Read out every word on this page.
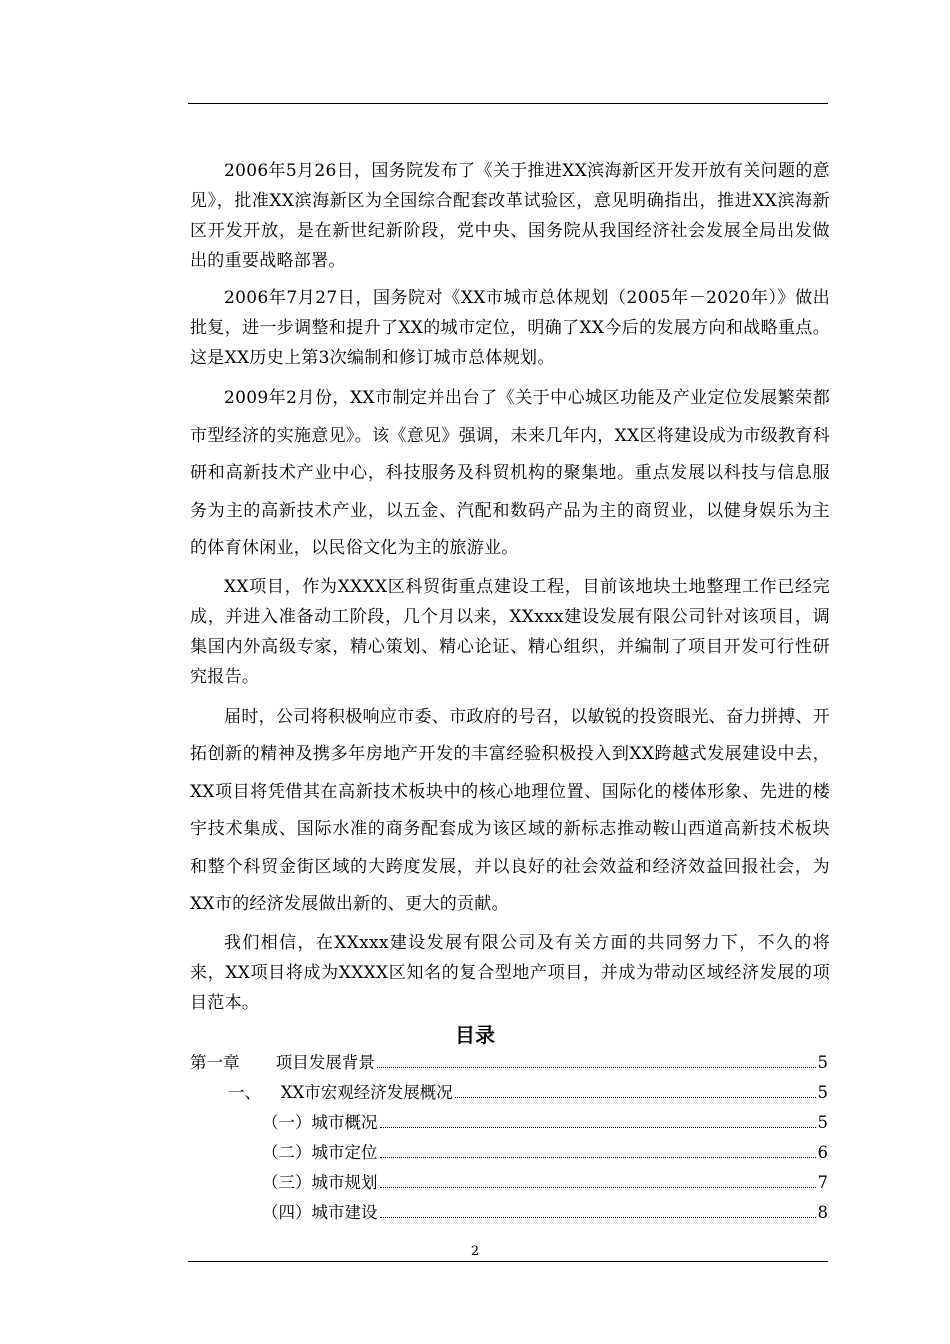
2006年5月26日，国务院发布了《关于推进XX滨海新区开发开放有关问题的意见》，批准XX滨海新区为全国综合配套改革试验区，意见明确指出，推进XX滨海新区开发开放，是在新世纪新阶段，党中央、国务院从我国经济社会发展全局出发做出的重要战略部署。

2006年7月27日，国务院对《XX市城市总体规划（2005年－2020年）》做出批复，进一步调整和提升了XX的城市定位，明确了XX今后的发展方向和战略重点。这是XX历史上第3次编制和修订城市总体规划。

2009年2月份，XX市制定并出台了《关于中心城区功能及产业定位发展繁荣都市型经济的实施意见》。该《意见》强调，未来几年内，XX区将建设成为市级教育科研和高新技术产业中心，科技服务及科贸机构的聚集地。重点发展以科技与信息服务为主的高新技术产业，以五金、汽配和数码产品为主的商贸业，以健身娱乐为主的体育休闲业，以民俗文化为主的旅游业。

XX项目，作为XXXX区科贸街重点建设工程，目前该地块土地整理工作已经完成，并进入准备动工阶段，几个月以来，XXxxx建设发展有限公司针对该项目，调集国内外高级专家，精心策划、精心论证、精心组织，并编制了项目开发可行性研究报告。

届时，公司将积极响应市委、市政府的号召，以敏锐的投资眼光、奋力拼搏、开拓创新的精神及携多年房地产开发的丰富经验积极投入到XX跨越式发展建设中去，XX项目将凭借其在高新技术板块中的核心地理位置、国际化的楼体形象、先进的楼宇技术集成、国际水准的商务配套成为该区域的新标志推动鞍山西道高新技术板块和整个科贸金街区域的大跨度发展，并以良好的社会效益和经济效益回报社会，为XX市的经济发展做出新的、更大的贡献。

我们相信，在XXxxx建设发展有限公司及有关方面的共同努力下，不久的将来，XX项目将成为XXXX区知名的复合型地产项目，并成为带动区域经济发展的项目范本。

目录
第一章 项目发展背景	5
一、 XX市宏观经济发展概况	5
（一） 城市概况	5
（二） 城市定位	6
（三） 城市规划	7
（四） 城市建设	8
2
